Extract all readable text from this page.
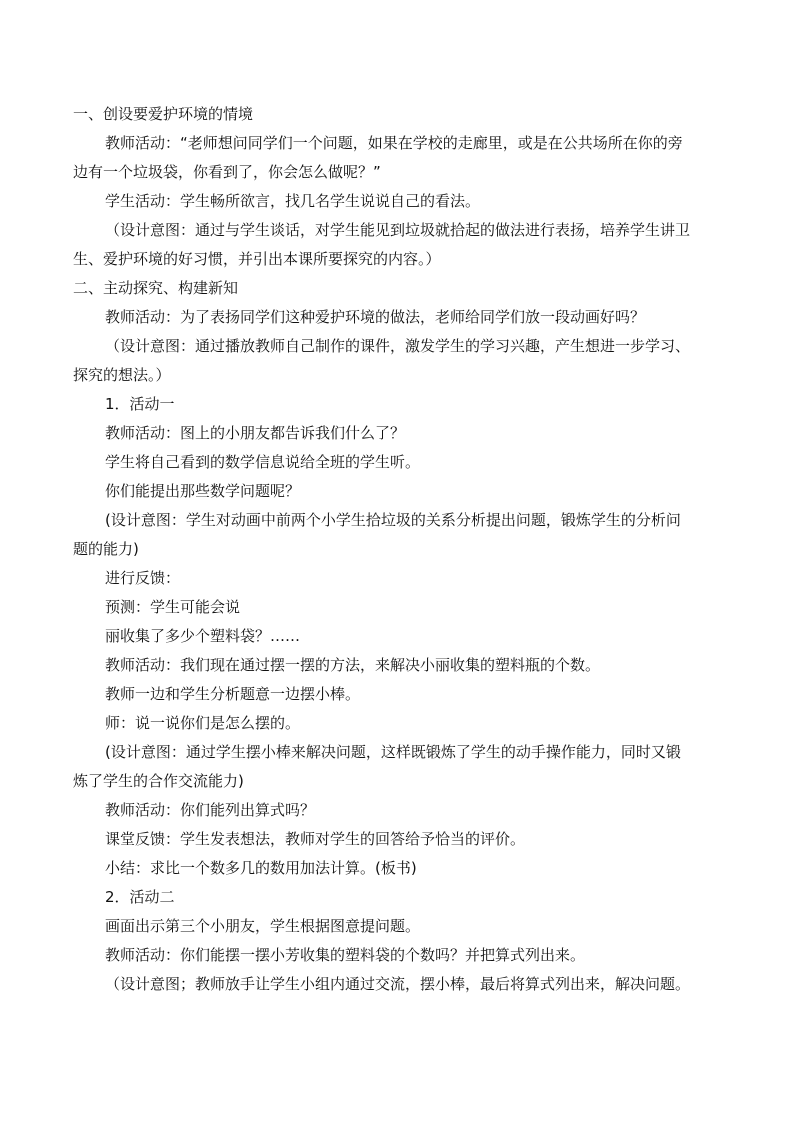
一、创设要爱护环境的情境
教师活动：“老师想问同学们一个问题，如果在学校的走廊里，或是在公共场所在你的旁
边有一个垃圾袋，你看到了，你会怎么做呢？”
学生活动：学生畅所欲言，找几名学生说说自己的看法。
（设计意图：通过与学生谈话，对学生能见到垃圾就拾起的做法进行表扬，培养学生讲卫
生、爱护环境的好习惯，并引出本课所要探究的内容。）
二、主动探究、构建新知
教师活动：为了表扬同学们这种爱护环境的做法，老师给同学们放一段动画好吗？
（设计意图：通过播放教师自己制作的课件，激发学生的学习兴趣，产生想进一步学习、
探究的想法。）
1．活动一
教师活动：图上的小朋友都告诉我们什么了？
学生将自己看到的数学信息说给全班的学生听。
你们能提出那些数学问题呢？
(设计意图：学生对动画中前两个小学生拾垃圾的关系分析提出问题，锻炼学生的分析问
题的能力)
进行反馈：
预测：学生可能会说
丽收集了多少个塑料袋？……
教师活动：我们现在通过摆一摆的方法，来解决小丽收集的塑料瓶的个数。
教师一边和学生分析题意一边摆小棒。
师：说一说你们是怎么摆的。
(设计意图：通过学生摆小棒来解决问题，这样既锻炼了学生的动手操作能力，同时又锻
炼了学生的合作交流能力)
教师活动：你们能列出算式吗？
课堂反馈：学生发表想法，教师对学生的回答给予恰当的评价。
小结：求比一个数多几的数用加法计算。(板书)
2．活动二
画面出示第三个小朋友，学生根据图意提问题。
教师活动：你们能摆一摆小芳收集的塑料袋的个数吗？并把算式列出来。
（设计意图；教师放手让学生小组内通过交流，摆小棒，最后将算式列出来，解决问题。
